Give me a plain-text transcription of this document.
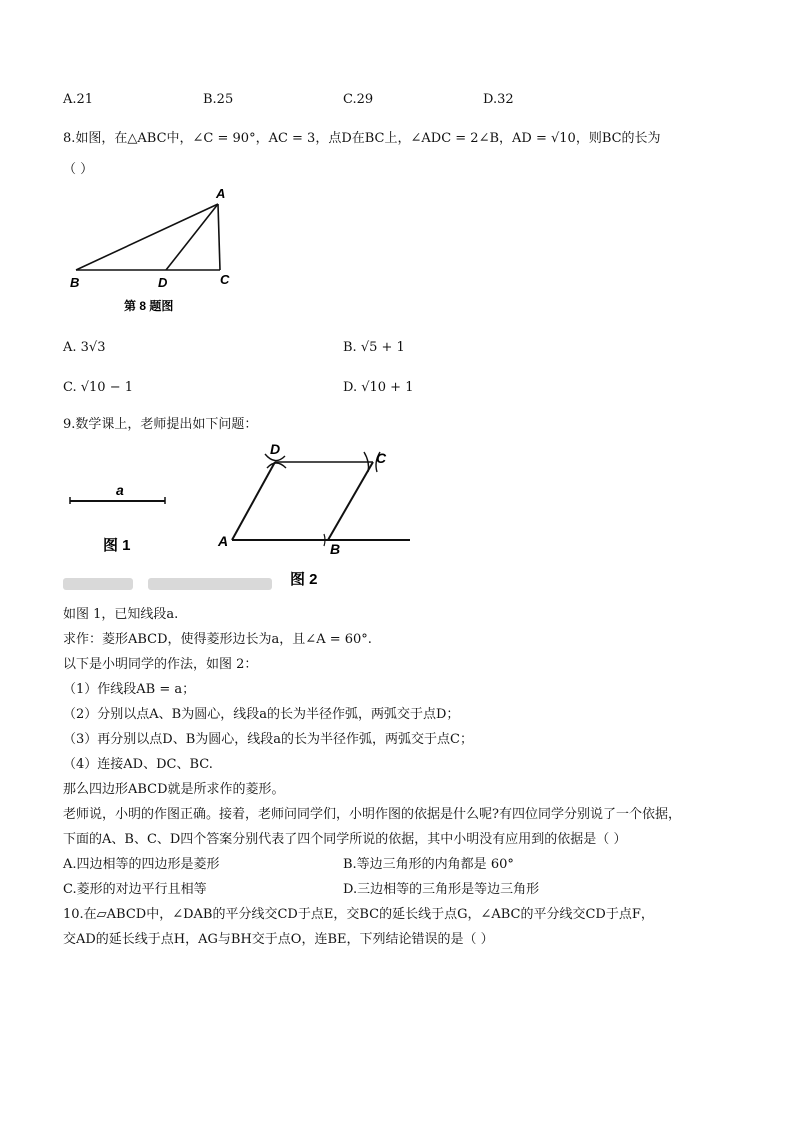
A.21	B.25	C.29	D.32
8.如图，在△ABC中，∠C = 90°，AC = 3，点D在BC上，∠ADC = 2∠B，AD = √10，则BC的长为
（ ）
A
B	C
D
第 8 题图
A. 3√3	B. √5 + 1
C. √10 − 1	D. √10 + 1
9.数学课上，老师提出如下问题：
a
图 1
D
C
A	B
图 2
如图 1，已知线段a.
求作：菱形ABCD，使得菱形边长为a，且∠A = 60°.
以下是小明同学的作法，如图 2：
（1）作线段AB = a；
（2）分别以点A、B为圆心，线段a的长为半径作弧，两弧交于点D；
（3）再分别以点D、B为圆心，线段a的长为半径作弧，两弧交于点C；
（4）连接AD、DC、BC.
那么四边形ABCD就是所求作的菱形。
老师说，小明的作图正确。接着，老师问同学们，小明作图的依据是什么呢?有四位同学分别说了一个依据，
下面的A、B、C、D四个答案分别代表了四个同学所说的依据，其中小明没有应用到的依据是（ ）
A.四边相等的四边形是菱形	B.等边三角形的内角都是 60°
C.菱形的对边平行且相等	D.三边相等的三角形是等边三角形
10.在▱ABCD中，∠DAB的平分线交CD于点E，交BC的延长线于点G，∠ABC的平分线交CD于点F，
交AD的延长线于点H，AG与BH交于点O，连BE，下列结论错误的是（ ）
